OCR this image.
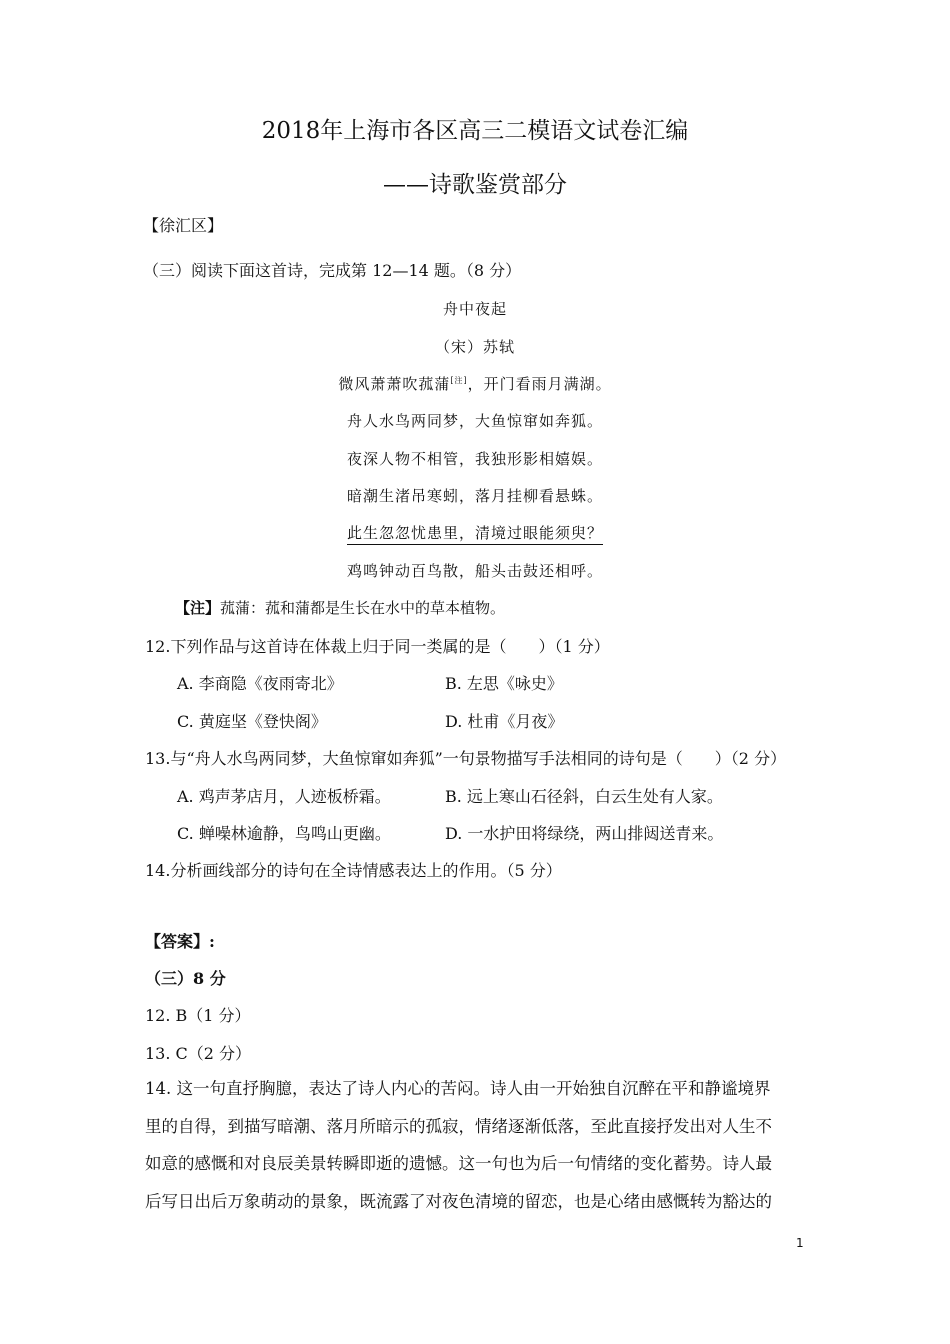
2018年上海市各区高三二模语文试卷汇编
——诗歌鉴赏部分
【徐汇区】
（三）阅读下面这首诗，完成第 12—14 题。（8 分）
舟中夜起
（宋）苏轼
微风萧萧吹菰蒲[注]，开门看雨月满湖。
舟人水鸟两同梦，大鱼惊窜如奔狐。
夜深人物不相管，我独形影相嬉娱。
暗潮生渚吊寒蚓，落月挂柳看悬蛛。
此生忽忽忧患里，清境过眼能须臾？
鸡鸣钟动百鸟散，船头击鼓还相呼。
【注】菰蒲：菰和蒲都是生长在水中的草本植物。
12.下列作品与这首诗在体裁上归于同一类属的是（　　）（1 分）
A. 李商隐《夜雨寄北》	B. 左思《咏史》
C. 黄庭坚《登快阁》	D. 杜甫《月夜》
13.与“舟人水鸟两同梦，大鱼惊窜如奔狐”一句景物描写手法相同的诗句是（　　）（2 分）
A. 鸡声茅店月，人迹板桥霜。	B. 远上寒山石径斜，白云生处有人家。
C. 蝉噪林逾静，鸟鸣山更幽。	D. 一水护田将绿绕，两山排闼送青来。
14.分析画线部分的诗句在全诗情感表达上的作用。（5 分）
【答案】:
（三）8 分
12. B（1 分）
13. C（2 分）
14. 这一句直抒胸臆，表达了诗人内心的苦闷。诗人由一开始独自沉醉在平和静谧境界
里的自得，到描写暗潮、落月所暗示的孤寂，情绪逐渐低落，至此直接抒发出对人生不
如意的感慨和对良辰美景转瞬即逝的遗憾。这一句也为后一句情绪的变化蓄势。诗人最
后写日出后万象萌动的景象，既流露了对夜色清境的留恋，也是心绪由感慨转为豁达的
1
